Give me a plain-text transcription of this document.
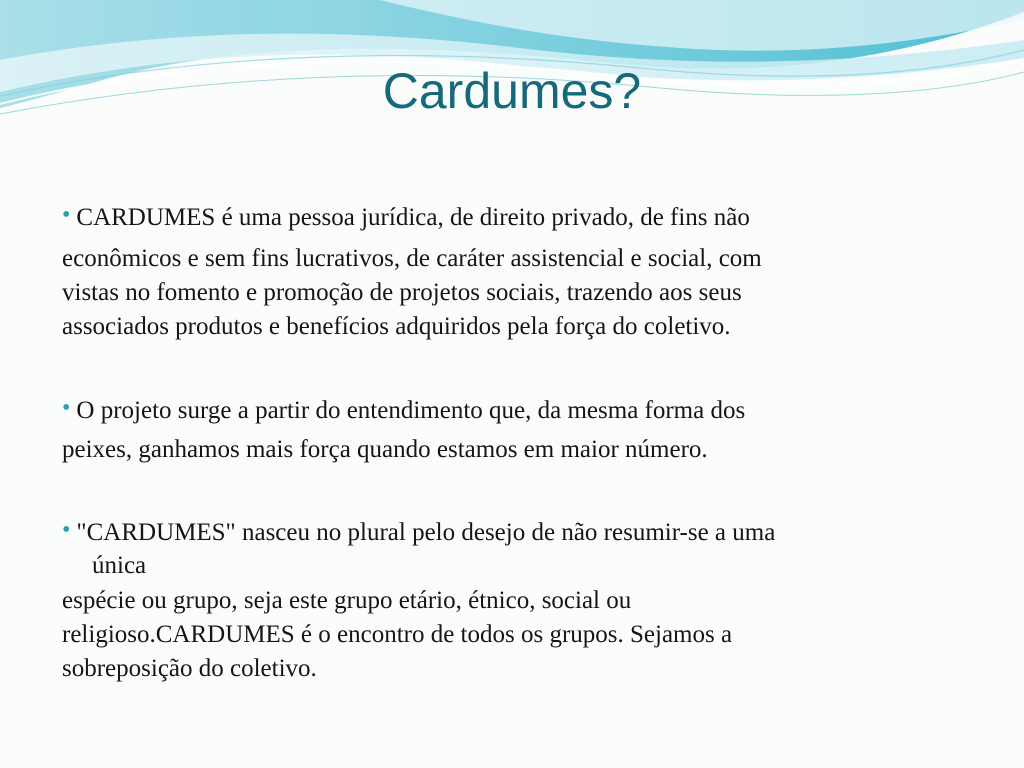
Cardumes?

• CARDUMES é uma pessoa jurídica, de direito privado, de fins não

econômicos e sem fins lucrativos, de caráter assistencial e social, com

vistas no fomento e promoção de projetos sociais, trazendo aos seus

associados produtos e benefícios adquiridos pela força do coletivo.

• O projeto surge a partir do entendimento que, da mesma forma dos

peixes, ganhamos mais força quando estamos em maior número.

• "CARDUMES" nasceu no plural pelo desejo de não resumir-se a uma

única

espécie ou grupo, seja este grupo etário, étnico, social ou

religioso.CARDUMES é o encontro de todos os grupos. Sejamos a

sobreposição do coletivo.
